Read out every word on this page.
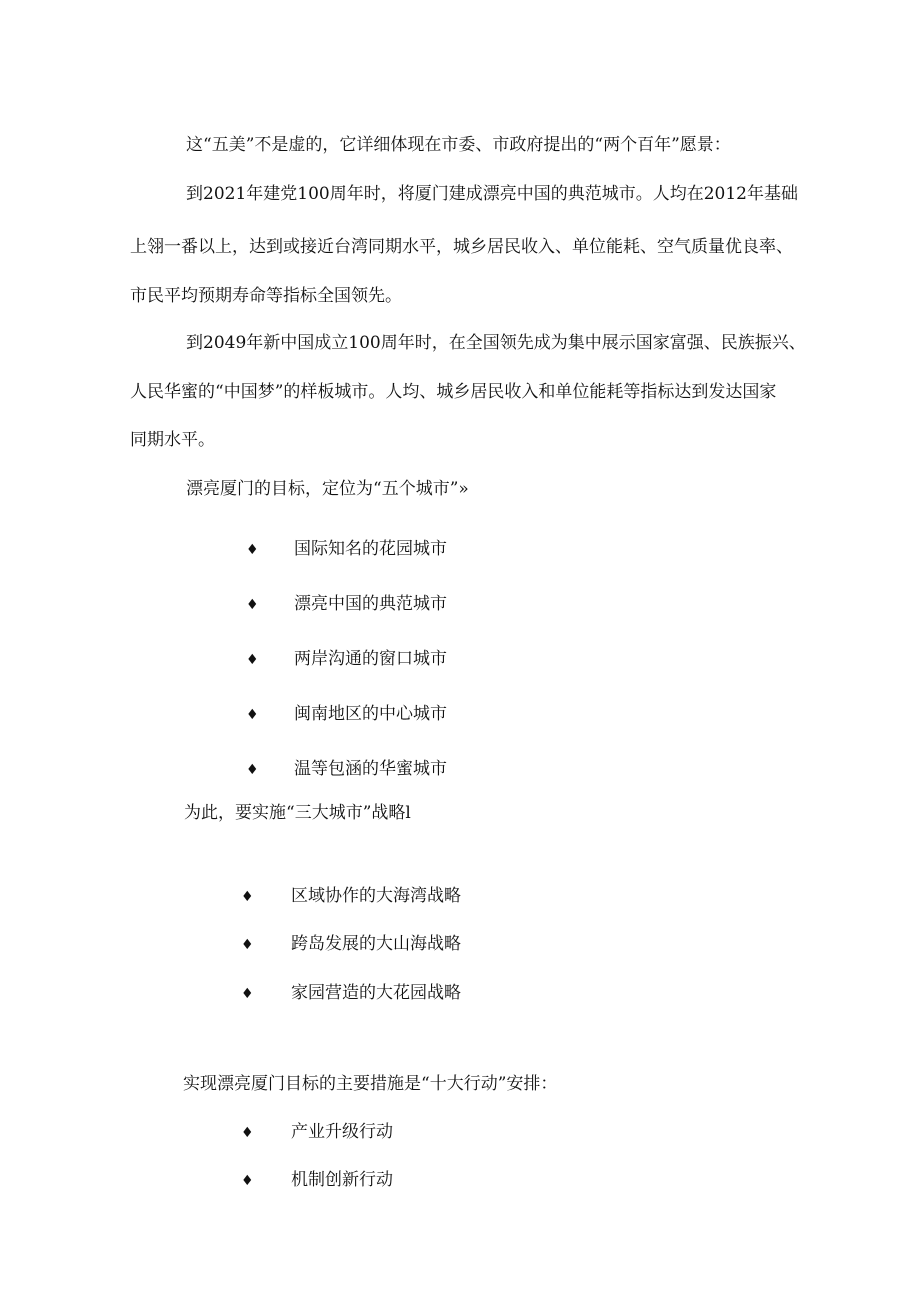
这“五美”不是虚的，它详细体现在市委、市政府提出的“两个百年”愿景：
到2021年建党100周年时，将厦门建成漂亮中国的典范城市。人均在2012年基础
上翎一番以上，达到或接近台湾同期水平，城乡居民收入、单位能耗、空气质量优良率、
市民平均预期寿命等指标全国领先。
到2049年新中国成立100周年时，在全国领先成为集中展示国家富强、民族振兴、
人民华蜜的“中国梦”的样板城市。人均、城乡居民收入和单位能耗等指标达到发达国家
同期水平。
漂亮厦门的目标，定位为“五个城市”»
♦ 国际知名的花园城市
♦ 漂亮中国的典范城市
♦ 两岸沟通的窗口城市
♦ 闽南地区的中心城市
♦ 温等包涵的华蜜城市
为此，要实施“三大城市”战略l
♦ 区域协作的大海湾战略
♦ 跨岛发展的大山海战略
♦ 家园营造的大花园战略
实现漂亮厦门目标的主要措施是“十大行动”安排：
♦ 产业升级行动
♦ 机制创新行动
